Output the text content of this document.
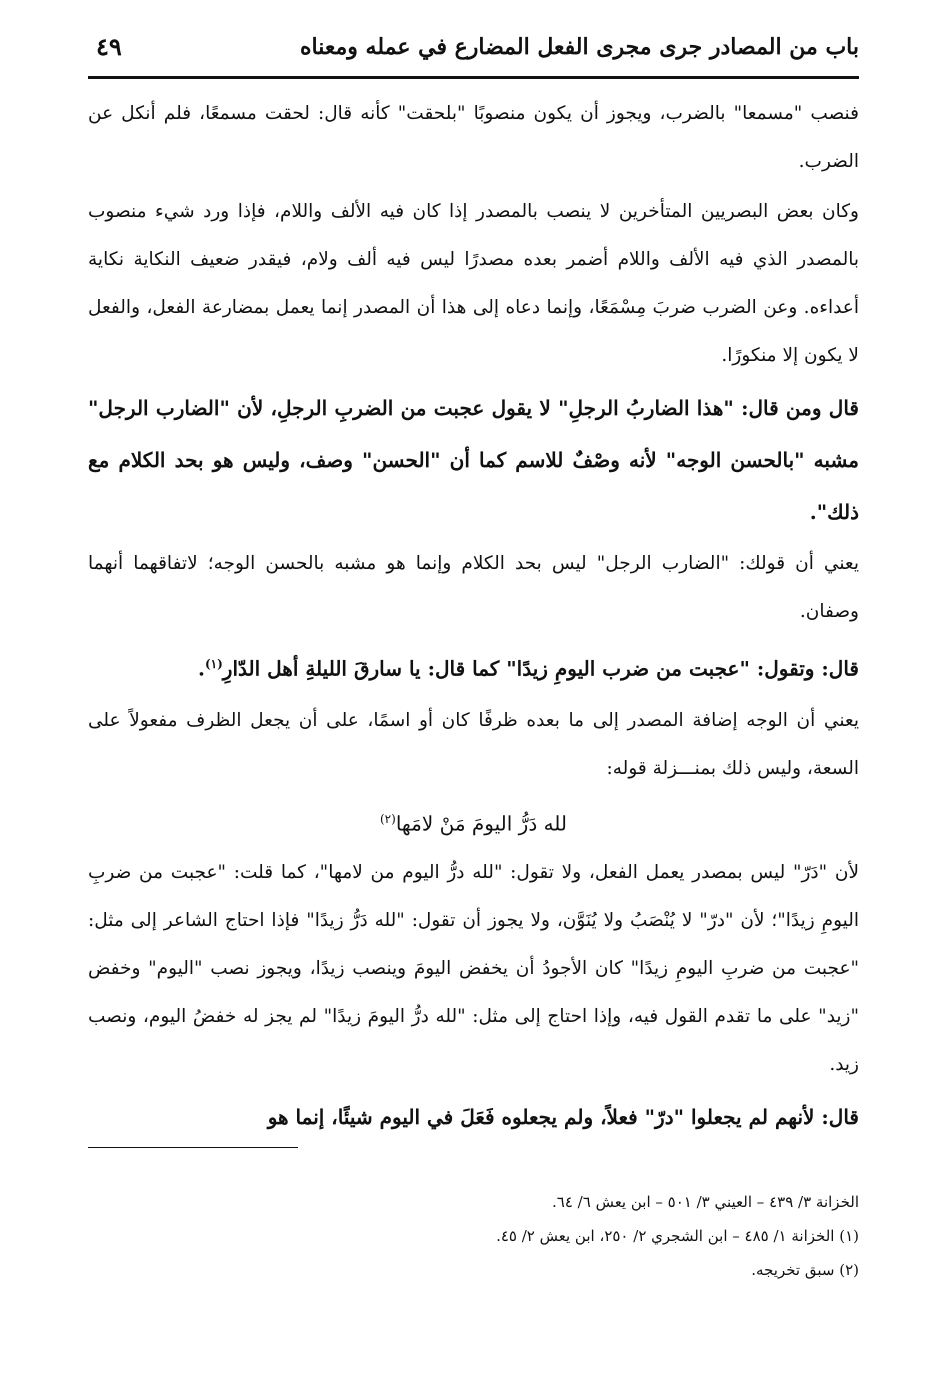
باب من المصادر جرى مجرى الفعل المضارع في عمله ومعناه
٤٩

فنصب "مسمعا" بالضرب، ويجوز أن يكون منصوبًا "بلحقت" كأنه قال: لحقت مسمعًا، فلم أنكل عن الضرب.

وكان بعض البصريين المتأخرين لا ينصب بالمصدر إذا كان فيه الألف واللام، فإذا ورد شيء منصوب بالمصدر الذي فيه الألف واللام أضمر بعده مصدرًا ليس فيه ألف ولام، فيقدر ضعيف النكاية نكاية أعداءه. وعن الضرب ضربَ مِسْمَعًا، وإنما دعاه إلى هذا أن المصدر إنما يعمل بمضارعة الفعل، والفعل لا يكون إلا منكورًا.

قال ومن قال: "هذا الضاربُ الرجلِ" لا يقول عجبت من الضربِ الرجلِ، لأن "الضارب الرجل" مشبه "بالحسن الوجه" لأنه وصْفٌ للاسم كما أن "الحسن" وصف، وليس هو بحد الكلام مع ذلك".

يعني أن قولك: "الضارب الرجل" ليس بحد الكلام وإنما هو مشبه بالحسن الوجه؛ لاتفاقهما أنهما وصفان.

قال: وتقول: "عجبت من ضرب اليومِ زيدًا" كما قال: يا سارقَ الليلةِ أهل الدّارِ$^{(١)}$.

يعني أن الوجه إضافة المصدر إلى ما بعده ظرفًا كان أو اسمًا، على أن يجعل الظرف مفعولاً على السعة، وليس ذلك بمنـــزلة قوله:

لله دَرُّ اليومَ مَنْ لامَها$^{(٢)}$

لأن "دَرّ" ليس بمصدر يعمل الفعل، ولا تقول: "لله درُّ اليوم من لامها"، كما قلت: "عجبت من ضربِ اليومِ زيدًا"؛ لأن "درّ" لا يُنْصَبُ ولا يُنَوَّن، ولا يجوز أن تقول: "لله دَرُّ زيدًا" فإذا احتاج الشاعر إلى مثل: "عجبت من ضربِ اليومِ زيدًا" كان الأجودُ أن يخفض اليومَ وينصب زيدًا، ويجوز نصب "اليوم" وخفض "زيد" على ما تقدم القول فيه، وإذا احتاج إلى مثل: "لله درُّ اليومَ زيدًا" لم يجز له خفضُ اليوم، ونصب زيد.

قال: لأنهم لم يجعلوا "درّ" فعلاً، ولم يجعلوه فَعَلَ في اليوم شيئًا، إنما هو

الخزانة ٣/ ٤٣٩ – العيني ٣/ ٥٠١ – ابن يعش ٦/ ٦٤.

(١) الخزانة ١/ ٤٨٥ – ابن الشجري ٢/ ٢٥٠، ابن يعش ٢/ ٤٥.

(٢) سبق تخريجه.
